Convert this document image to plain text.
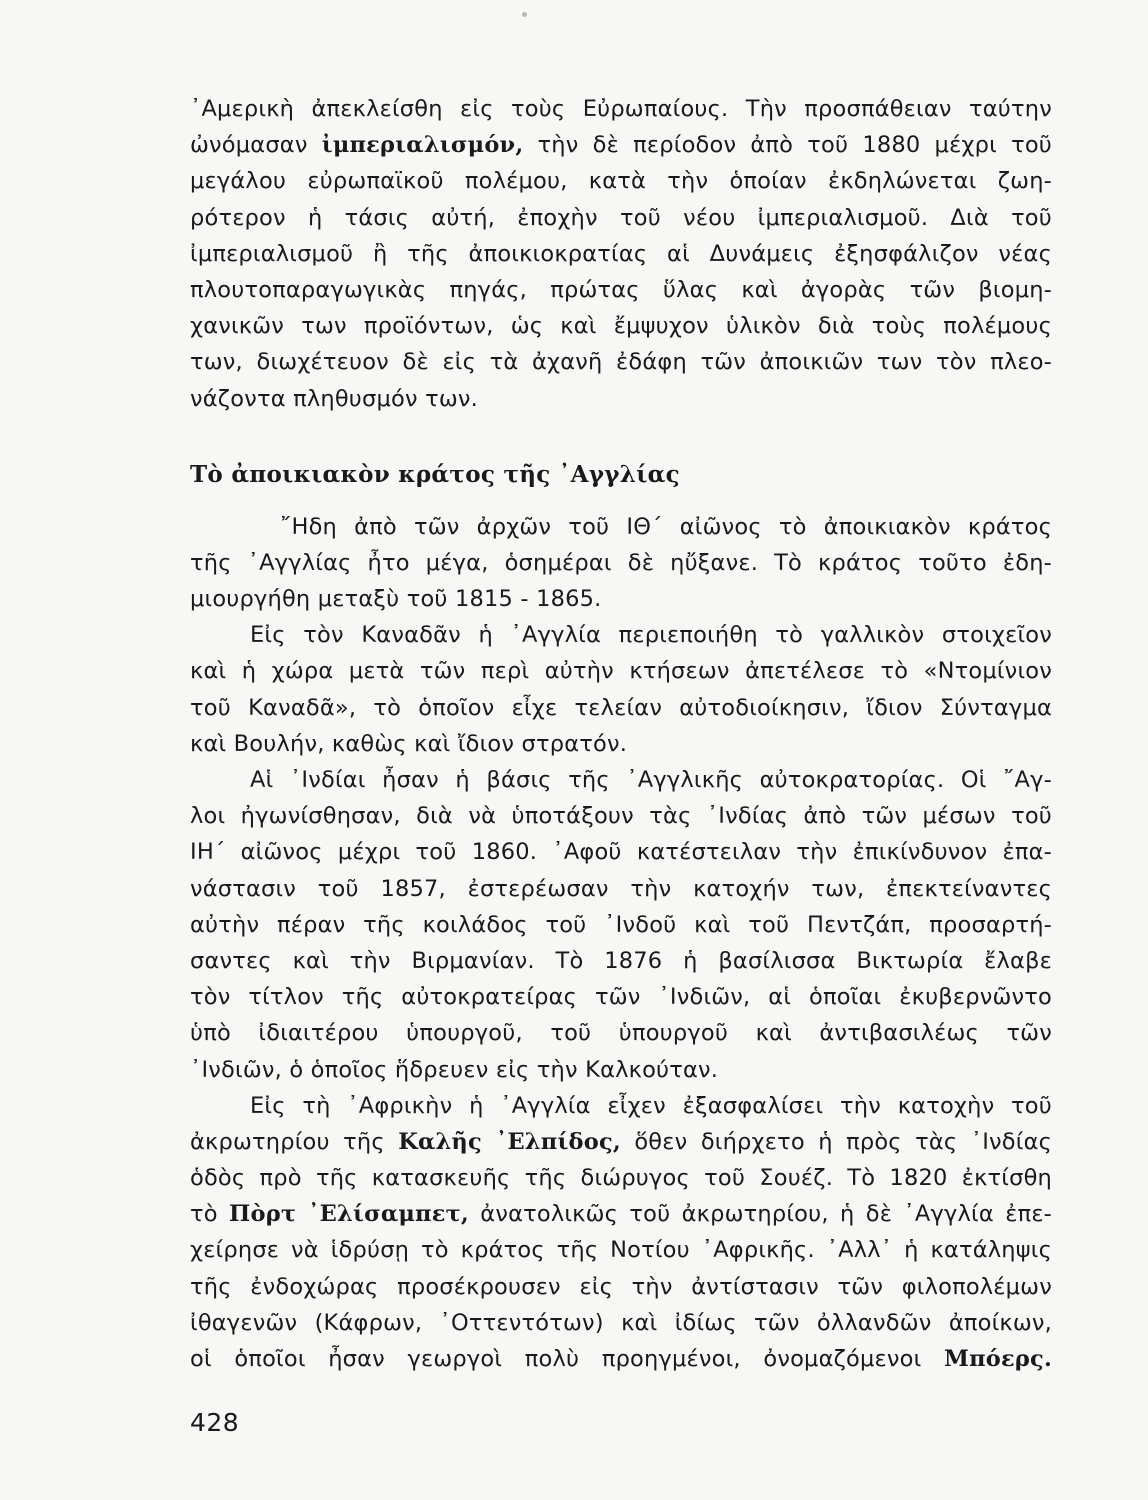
᾿Αμερικὴ ἀπεκλείσθη εἰς τοὺς Εὐρωπαίους. Τὴν προσπάθειαν ταύτην

ὠνόμασαν ἰμπεριαλισμόν, τὴν δὲ περίοδον ἀπὸ τοῦ 1880 μέχρι τοῦ

μεγάλου εὐρωπαϊκοῦ πολέμου, κατὰ τὴν ὁποίαν ἐκδηλώνεται ζωη-

ρότερον ἡ τάσις αὐτή, ἐποχὴν τοῦ νέου ἰμπεριαλισμοῦ. Διὰ τοῦ

ἰμπεριαλισμοῦ ἢ τῆς ἀποικιοκρατίας αἱ Δυνάμεις ἐξησφάλιζον νέας

πλουτοπαραγωγικὰς πηγάς, πρώτας ὕλας καὶ ἀγορὰς τῶν βιομη-

χανικῶν των προϊόντων, ὡς καὶ ἔμψυχον ὑλικὸν διὰ τοὺς πολέμους

των, διωχέτευον δὲ εἰς τὰ ἀχανῆ ἐδάφη τῶν ἀποικιῶν των τὸν πλεο-

νάζοντα πληθυσμόν των.

Τὸ ἀποικιακὸν κράτος τῆς ᾿Αγγλίας

῎Ηδη ἀπὸ τῶν ἀρχῶν τοῦ ΙΘ΄ αἰῶνος τὸ ἀποικιακὸν κράτος

τῆς ᾿Αγγλίας ἦτο μέγα, ὁσημέραι δὲ ηὔξανε. Τὸ κράτος τοῦτο ἐδη-

μιουργήθη μεταξὺ τοῦ 1815 - 1865.

Εἰς τὸν Καναδᾶν ἡ ᾿Αγγλία περιεποιήθη τὸ γαλλικὸν στοιχεῖον

καὶ ἡ χώρα μετὰ τῶν περὶ αὐτὴν κτήσεων ἀπετέλεσε τὸ «Ντομίνιον

τοῦ Καναδᾶ», τὸ ὁποῖον εἶχε τελείαν αὐτοδιοίκησιν, ἴδιον Σύνταγμα

καὶ Βουλήν, καθὼς καὶ ἴδιον στρατόν.

Αἱ ᾿Ινδίαι ἦσαν ἡ βάσις τῆς ᾿Αγγλικῆς αὐτοκρατορίας. Οἱ ῎Αγ-

λοι ἠγωνίσθησαν, διὰ νὰ ὑποτάξουν τὰς ᾿Ινδίας ἀπὸ τῶν μέσων τοῦ

ΙΗ΄ αἰῶνος μέχρι τοῦ 1860. ᾿Αφοῦ κατέστειλαν τὴν ἐπικίνδυνον ἐπα-

νάστασιν τοῦ 1857, ἐστερέωσαν τὴν κατοχήν των, ἐπεκτείναντες

αὐτὴν πέραν τῆς κοιλάδος τοῦ ᾿Ινδοῦ καὶ τοῦ Πεντζάπ, προσαρτή-

σαντες καὶ τὴν Βιρμανίαν. Τὸ 1876 ἡ βασίλισσα Βικτωρία ἔλαβε

τὸν τίτλον τῆς αὐτοκρατείρας τῶν ᾿Ινδιῶν, αἱ ὁποῖαι ἐκυβερνῶντο

ὑπὸ ἰδιαιτέρου ὑπουργοῦ, τοῦ ὑπουργοῦ καὶ ἀντιβασιλέως τῶν

᾿Ινδιῶν, ὁ ὁποῖος ἥδρευεν εἰς τὴν Καλκούταν.

Εἰς τὴ ᾿Αφρικὴν ἡ ᾿Αγγλία εἶχεν ἐξασφαλίσει τὴν κατοχὴν τοῦ

ἀκρωτηρίου τῆς Καλῆς ᾿Ελπίδος, ὅθεν διήρχετο ἡ πρὸς τὰς ᾿Ινδίας

ὁδὸς πρὸ τῆς κατασκευῆς τῆς διώρυγος τοῦ Σουέζ. Τὸ 1820 ἐκτίσθη

τὸ Πὸρτ ᾿Ελίσαμπετ, ἀνατολικῶς τοῦ ἀκρωτηρίου, ἡ δὲ ᾿Αγγλία ἐπε-

χείρησε νὰ ἱδρύσῃ τὸ κράτος τῆς Νοτίου ᾿Αφρικῆς. ᾿Αλλ᾿ ἡ κατάληψις

τῆς ἐνδοχώρας προσέκρουσεν εἰς τὴν ἀντίστασιν τῶν φιλοπολέμων

ἰθαγενῶν (Κάφρων, ᾿Οττεντότων) καὶ ἰδίως τῶν ὀλλανδῶν ἀποίκων,

οἱ ὁποῖοι ἦσαν γεωργοὶ πολὺ προηγμένοι, ὀνομαζόμενοι Μπόερς.

428
